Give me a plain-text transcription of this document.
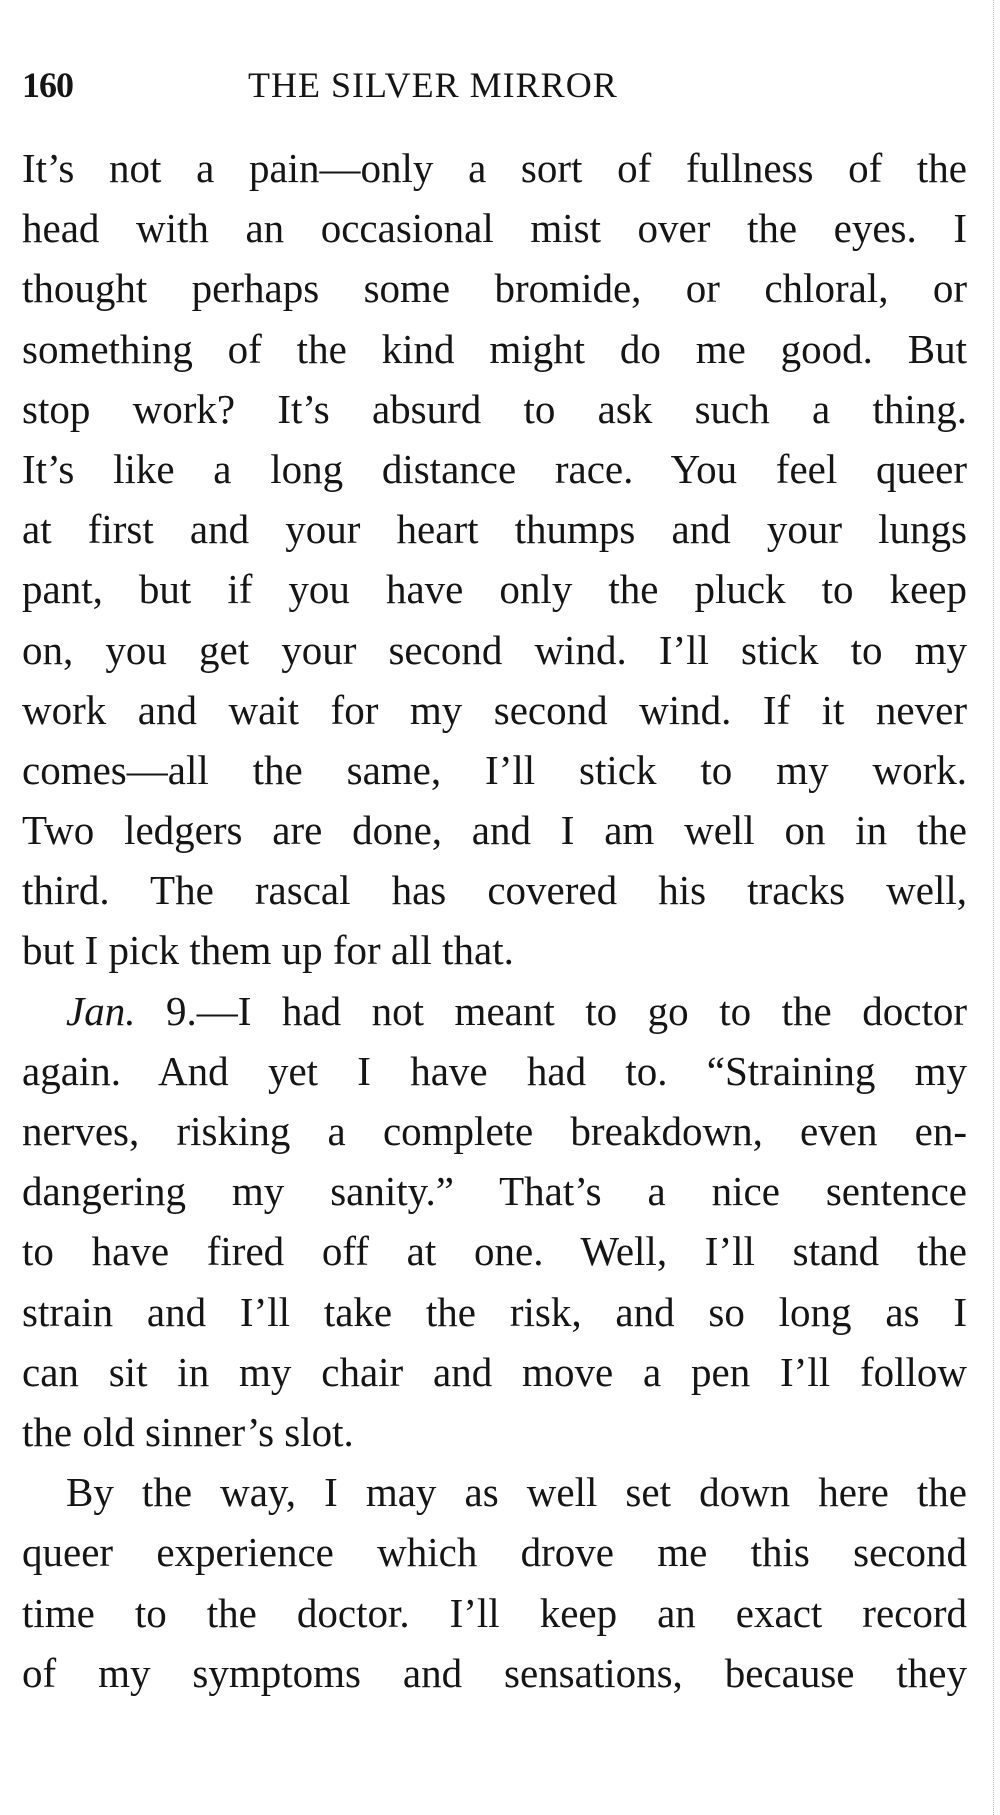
160	THE SILVER MIRROR
It’s not a pain—only a sort of fullness of the
head with an occasional mist over the eyes. I
thought perhaps some bromide, or chloral, or
something of the kind might do me good. But
stop work? It’s absurd to ask such a thing.
It’s like a long distance race. You feel queer
at first and your heart thumps and your lungs
pant, but if you have only the pluck to keep
on, you get your second wind. I’ll stick to my
work and wait for my second wind. If it never
comes—all the same, I’ll stick to my work.
Two ledgers are done, and I am well on in the
third. The rascal has covered his tracks well,
but I pick them up for all that.
Jan. 9.—I had not meant to go to the doctor
again. And yet I have had to. “Straining my
nerves, risking a complete breakdown, even en-
dangering my sanity.” That’s a nice sentence
to have fired off at one. Well, I’ll stand the
strain and I’ll take the risk, and so long as I
can sit in my chair and move a pen I’ll follow
the old sinner’s slot.
By the way, I may as well set down here the
queer experience which drove me this second
time to the doctor. I’ll keep an exact record
of my symptoms and sensations, because they
